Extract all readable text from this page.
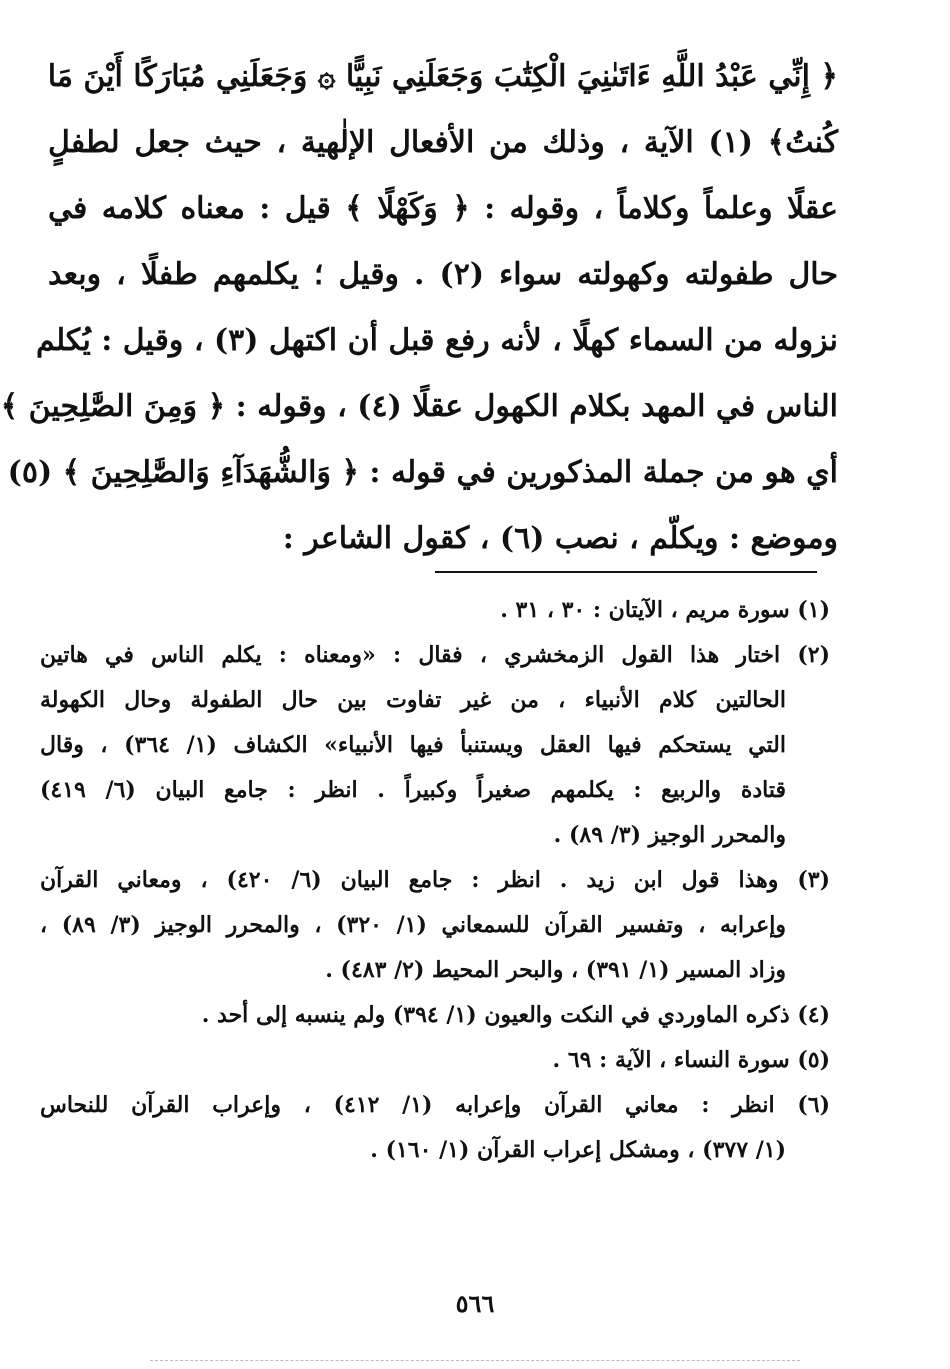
﴿ إِنِّي عَبْدُ اللَّهِ ءَاتَىٰنِيَ الْكِتَٰبَ وَجَعَلَنِي نَبِيًّا ۞ وَجَعَلَنِي مُبَارَكًا أَيْنَ مَا
كُنتُ﴾ (١) الآية ، وذلك من الأفعال الإلٰهية ، حيث جعل لطفلٍ
عقلًا وعلماً وكلاماً ، وقوله : ﴿ وَكَهْلًا ﴾ قيل : معناه كلامه في
حال طفولته وكهولته سواء (٢) . وقيل ؛ يكلمهم طفلًا ، وبعد
نزوله من السماء كهلًا ، لأنه رفع قبل أن اكتهل (٣) ، وقيل : يُكلم
الناس في المهد بكلام الكهول عقلًا (٤) ، وقوله : ﴿ وَمِنَ الصَّٰلِحِينَ ﴾
أي هو من جملة المذكورين في قوله : ﴿ وَالشُّهَدَآءِ وَالصَّٰلِحِينَ ﴾ (٥)
وموضع : ويكلّم ، نصب (٦) ، كقول الشاعر :
(١) سورة مريم ، الآيتان : ٣٠ ، ٣١ .
(٢) اختار هذا القول الزمخشري ، فقال : «ومعناه : يكلم الناس في هاتين
الحالتين كلام الأنبياء ، من غير تفاوت بين حال الطفولة وحال الكهولة
التي يستحكم فيها العقل ويستنبأ فيها الأنبياء» الكشاف (١/ ٣٦٤) ، وقال
قتادة والربيع : يكلمهم صغيراً وكبيراً . انظر : جامع البيان (٦/ ٤١٩)
والمحرر الوجيز (٣/ ٨٩) .
(٣) وهذا قول ابن زيد . انظر : جامع البيان (٦/ ٤٢٠) ، ومعاني القرآن
وإعرابه ، وتفسير القرآن للسمعاني (١/ ٣٢٠) ، والمحرر الوجيز (٣/ ٨٩) ،
وزاد المسير (١/ ٣٩١) ، والبحر المحيط (٢/ ٤٨٣) .
(٤) ذكره الماوردي في النكت والعيون (١/ ٣٩٤) ولم ينسبه إلى أحد .
(٥) سورة النساء ، الآية : ٦٩ .
(٦) انظر : معاني القرآن وإعرابه (١/ ٤١٢) ، وإعراب القرآن للنحاس
(١/ ٣٧٧) ، ومشكل إعراب القرآن (١/ ١٦٠) .
٥٦٦
